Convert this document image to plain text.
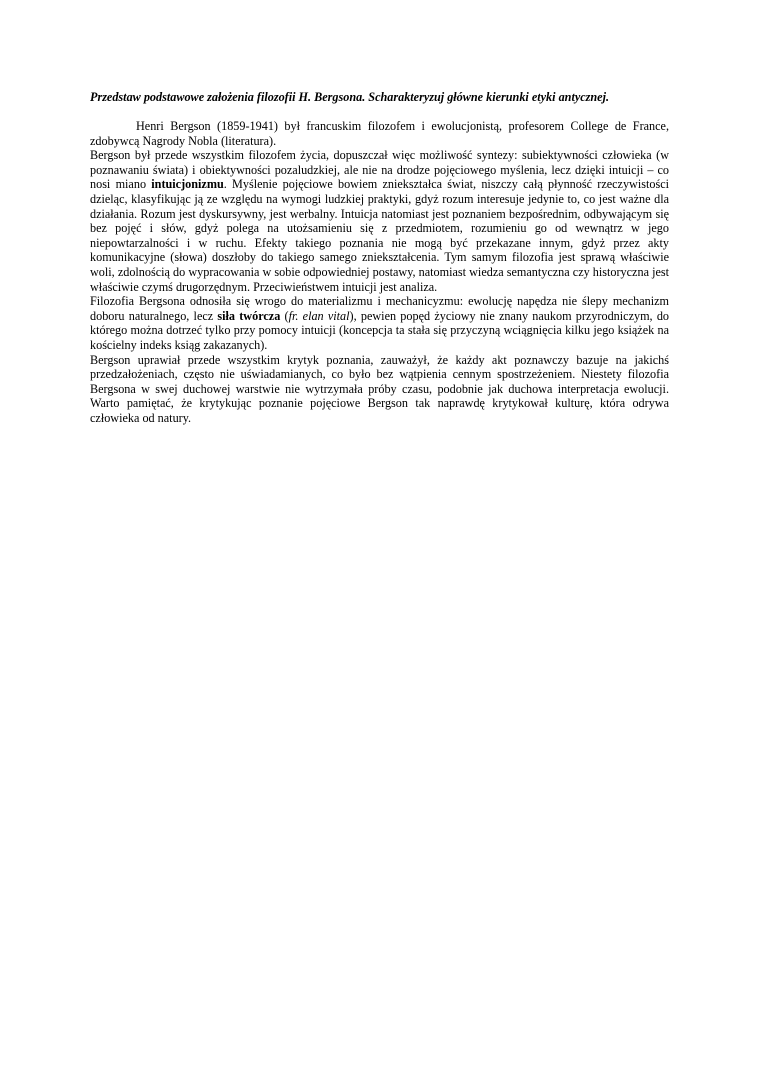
Przedstaw podstawowe założenia filozofii H. Bergsona. Scharakteryzuj główne kierunki etyki antycznej.

Henri Bergson (1859-1941) był francuskim filozofem i ewolucjonistą, profesorem College de France, zdobywcą Nagrody Nobla (literatura).

Bergson był przede wszystkim filozofem życia, dopuszczał więc możliwość syntezy: subiektywności człowieka (w poznawaniu świata) i obiektywności pozaludzkiej, ale nie na drodze pojęciowego myślenia, lecz dzięki intuicji – co nosi miano intuicjonizmu. Myślenie pojęciowe bowiem zniekształca świat, niszczy całą płynność rzeczywistości dzieląc, klasyfikując ją ze względu na wymogi ludzkiej praktyki, gdyż rozum interesuje jedynie to, co jest ważne dla działania. Rozum jest dyskursywny, jest werbalny. Intuicja natomiast jest poznaniem bezpośrednim, odbywającym się bez pojęć i słów, gdyż polega na utożsamieniu się z przedmiotem, rozumieniu go od wewnątrz w jego niepowtarzalności i w ruchu. Efekty takiego poznania nie mogą być przekazane innym, gdyż przez akty komunikacyjne (słowa) doszłoby do takiego samego zniekształcenia. Tym samym filozofia jest sprawą właściwie woli, zdolnością do wypracowania w sobie odpowiedniej postawy, natomiast wiedza semantyczna czy historyczna jest właściwie czymś drugorzędnym. Przeciwieństwem intuicji jest analiza.

Filozofia Bergsona odnosiła się wrogo do materializmu i mechanicyzmu: ewolucję napędza nie ślepy mechanizm doboru naturalnego, lecz siła twórcza (fr. elan vital), pewien popęd życiowy nie znany naukom przyrodniczym, do którego można dotrzeć tylko przy pomocy intuicji (koncepcja ta stała się przyczyną wciągnięcia kilku jego książek na kościelny indeks ksiąg zakazanych).

Bergson uprawiał przede wszystkim krytyk poznania, zauważył, że każdy akt poznawczy bazuje na jakichś przedzałożeniach, często nie uświadamianych, co było bez wątpienia cennym spostrzeżeniem. Niestety filozofia Bergsona w swej duchowej warstwie nie wytrzymała próby czasu, podobnie jak duchowa interpretacja ewolucji. Warto pamiętać, że krytykując poznanie pojęciowe Bergson tak naprawdę krytykował kulturę, która odrywa człowieka od natury.
